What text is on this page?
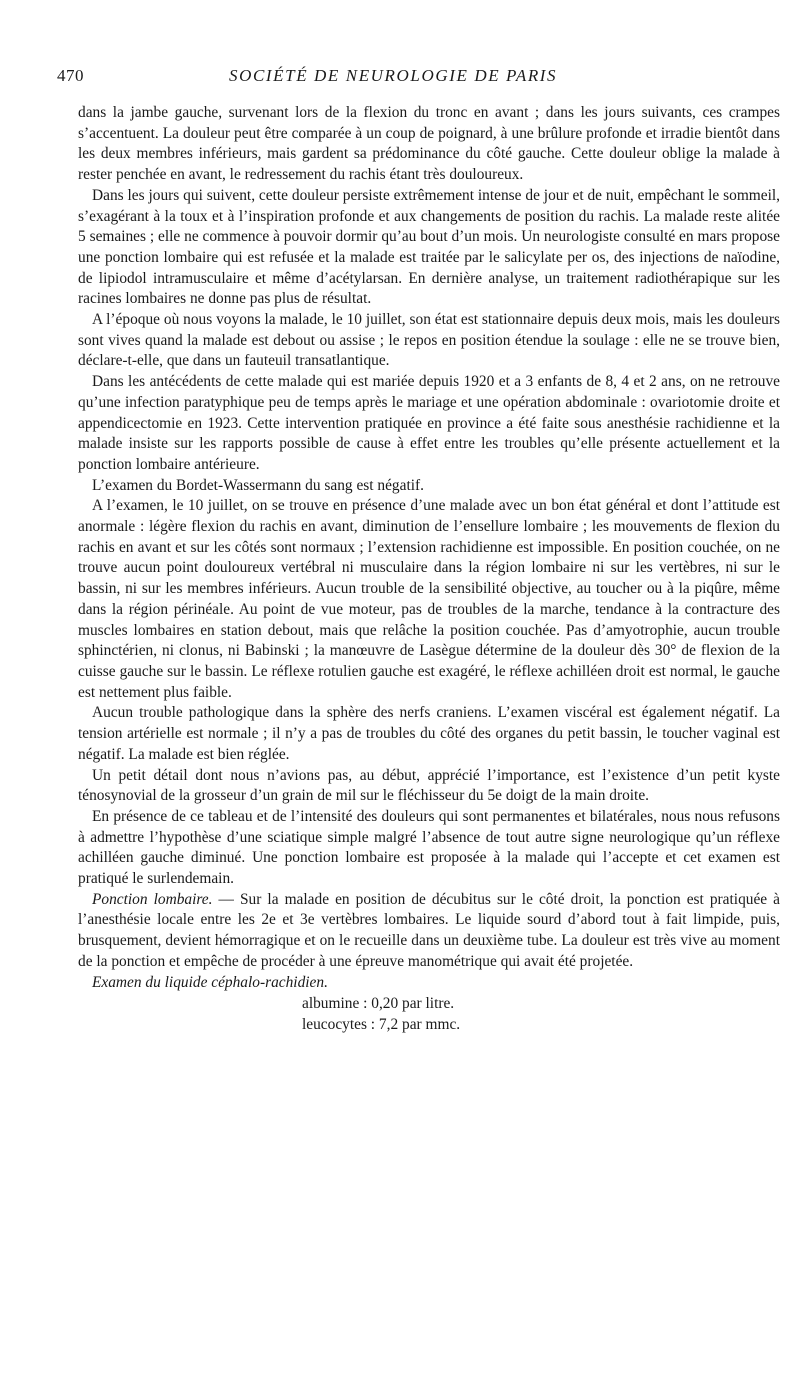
470	SOCIÉTÉ DE NEUROLOGIE DE PARIS

dans la jambe gauche, survenant lors de la flexion du tronc en avant ; dans les jours suivants, ces crampes s’accentuent. La douleur peut être comparée à un coup de poignard, à une brûlure profonde et irradie bientôt dans les deux membres inférieurs, mais gardent sa prédominance du côté gauche. Cette douleur oblige la malade à rester penchée en avant, le redressement du rachis étant très douloureux.

Dans les jours qui suivent, cette douleur persiste extrêmement intense de jour et de nuit, empêchant le sommeil, s’exagérant à la toux et à l’inspiration profonde et aux changements de position du rachis. La malade reste alitée 5 semaines ; elle ne commence à pouvoir dormir qu’au bout d’un mois. Un neurologiste consulté en mars propose une ponction lombaire qui est refusée et la malade est traitée par le salicylate per os, des injections de naïodine, de lipiodol intramusculaire et même d’acétylarsan. En dernière analyse, un traitement radiothérapique sur les racines lombaires ne donne pas plus de résultat.

A l’époque où nous voyons la malade, le 10 juillet, son état est stationnaire depuis deux mois, mais les douleurs sont vives quand la malade est debout ou assise ; le repos en position étendue la soulage : elle ne se trouve bien, déclare-t-elle, que dans un fauteuil transatlantique.

Dans les antécédents de cette malade qui est mariée depuis 1920 et a 3 enfants de 8, 4 et 2 ans, on ne retrouve qu’une infection paratyphique peu de temps après le mariage et une opération abdominale : ovariotomie droite et appendicectomie en 1923. Cette intervention pratiquée en province a été faite sous anesthésie rachidienne et la malade insiste sur les rapports possible de cause à effet entre les troubles qu’elle présente actuellement et la ponction lombaire antérieure.

L’examen du Bordet-Wassermann du sang est négatif.

A l’examen, le 10 juillet, on se trouve en présence d’une malade avec un bon état général et dont l’attitude est anormale : légère flexion du rachis en avant, diminution de l’ensellure lombaire ; les mouvements de flexion du rachis en avant et sur les côtés sont normaux ; l’extension rachidienne est impossible. En position couchée, on ne trouve aucun point douloureux vertébral ni musculaire dans la région lombaire ni sur les vertèbres, ni sur le bassin, ni sur les membres inférieurs. Aucun trouble de la sensibilité objective, au toucher ou à la piqûre, même dans la région périnéale. Au point de vue moteur, pas de troubles de la marche, tendance à la contracture des muscles lombaires en station debout, mais que relâche la position couchée. Pas d’amyotrophie, aucun trouble sphinctérien, ni clonus, ni Babinski ; la manœuvre de Lasègue détermine de la douleur dès 30° de flexion de la cuisse gauche sur le bassin. Le réflexe rotulien gauche est exagéré, le réflexe achilléen droit est normal, le gauche est nettement plus faible.

Aucun trouble pathologique dans la sphère des nerfs craniens. L’examen viscéral est également négatif. La tension artérielle est normale ; il n’y a pas de troubles du côté des organes du petit bassin, le toucher vaginal est négatif. La malade est bien réglée.

Un petit détail dont nous n’avions pas, au début, apprécié l’importance, est l’existence d’un petit kyste ténosynovial de la grosseur d’un grain de mil sur le fléchisseur du 5e doigt de la main droite.

En présence de ce tableau et de l’intensité des douleurs qui sont permanentes et bilatérales, nous nous refusons à admettre l’hypothèse d’une sciatique simple malgré l’absence de tout autre signe neurologique qu’un réflexe achilléen gauche diminué. Une ponction lombaire est proposée à la malade qui l’accepte et cet examen est pratiqué le surlendemain.

Ponction lombaire. — Sur la malade en position de décubitus sur le côté droit, la ponction est pratiquée à l’anesthésie locale entre les 2e et 3e vertèbres lombaires. Le liquide sourd d’abord tout à fait limpide, puis, brusquement, devient hémorragique et on le recueille dans un deuxième tube. La douleur est très vive au moment de la ponction et empêche de procéder à une épreuve manométrique qui avait été projetée.

Examen du liquide céphalo-rachidien.

albumine : 0,20 par litre.
leucocytes : 7,2 par mmc.
